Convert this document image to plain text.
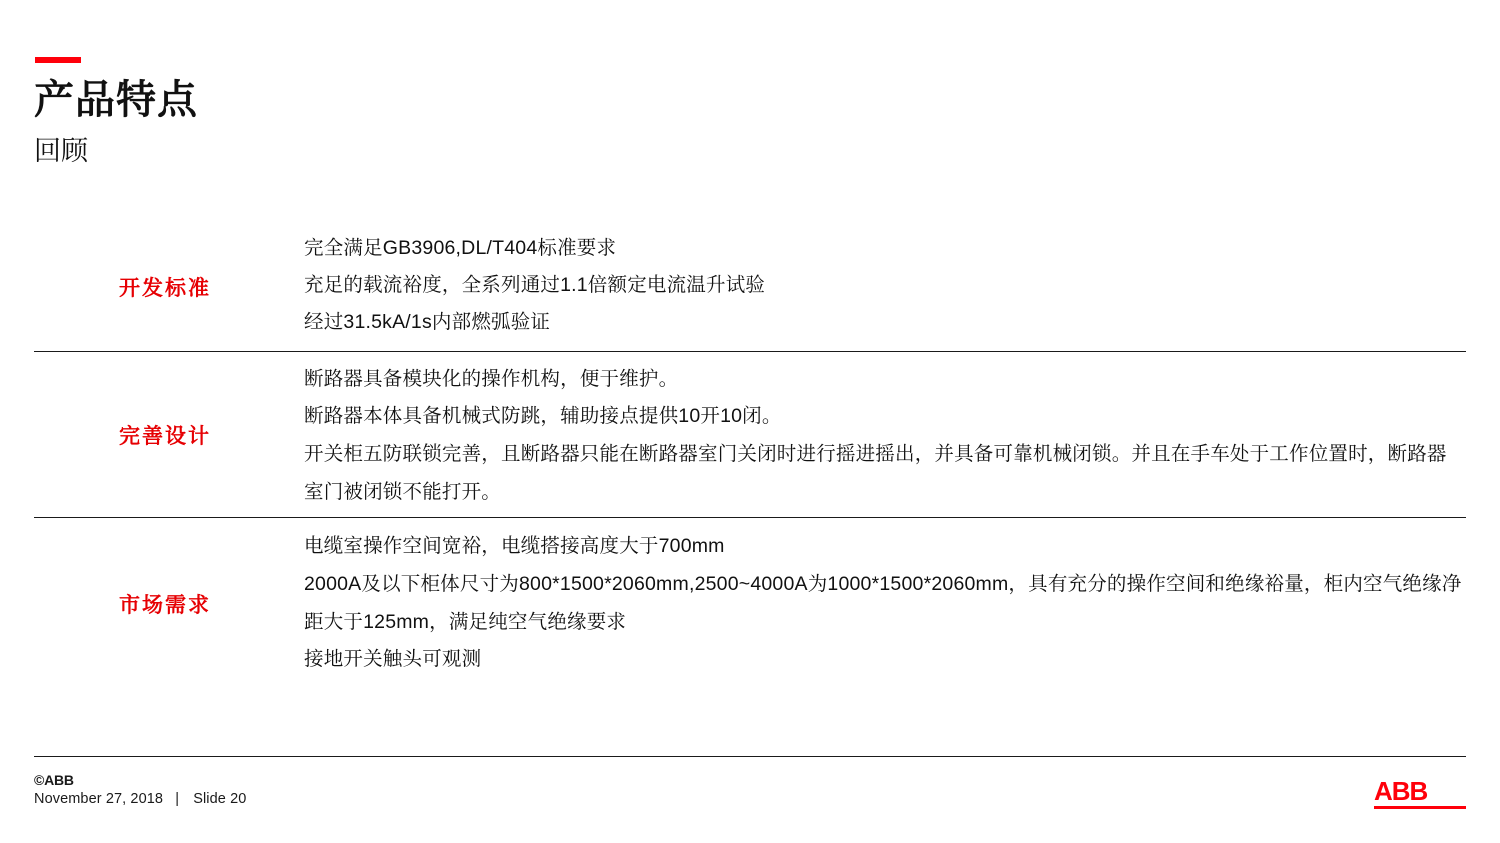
产品特点
回顾
开发标准
完全满足GB3906,DL/T404标准要求
充足的载流裕度，全系列通过1.1倍额定电流温升试验
经过31.5kA/1s内部燃弧验证
完善设计
断路器具备模块化的操作机构，便于维护。
断路器本体具备机械式防跳，辅助接点提供10开10闭。
开关柜五防联锁完善，且断路器只能在断路器室门关闭时进行摇进摇出，并具备可靠机械闭锁。并且在手车处于工作位置时，断路器室门被闭锁不能打开。
市场需求
电缆室操作空间宽裕，电缆搭接高度大于700mm
2000A及以下柜体尺寸为800*1500*2060mm,2500~4000A为1000*1500*2060mm，具有充分的操作空间和绝缘裕量，柜内空气绝缘净距大于125mm，满足纯空气绝缘要求
接地开关触头可观测
©ABB
November 27, 2018 | Slide 20	ABB
